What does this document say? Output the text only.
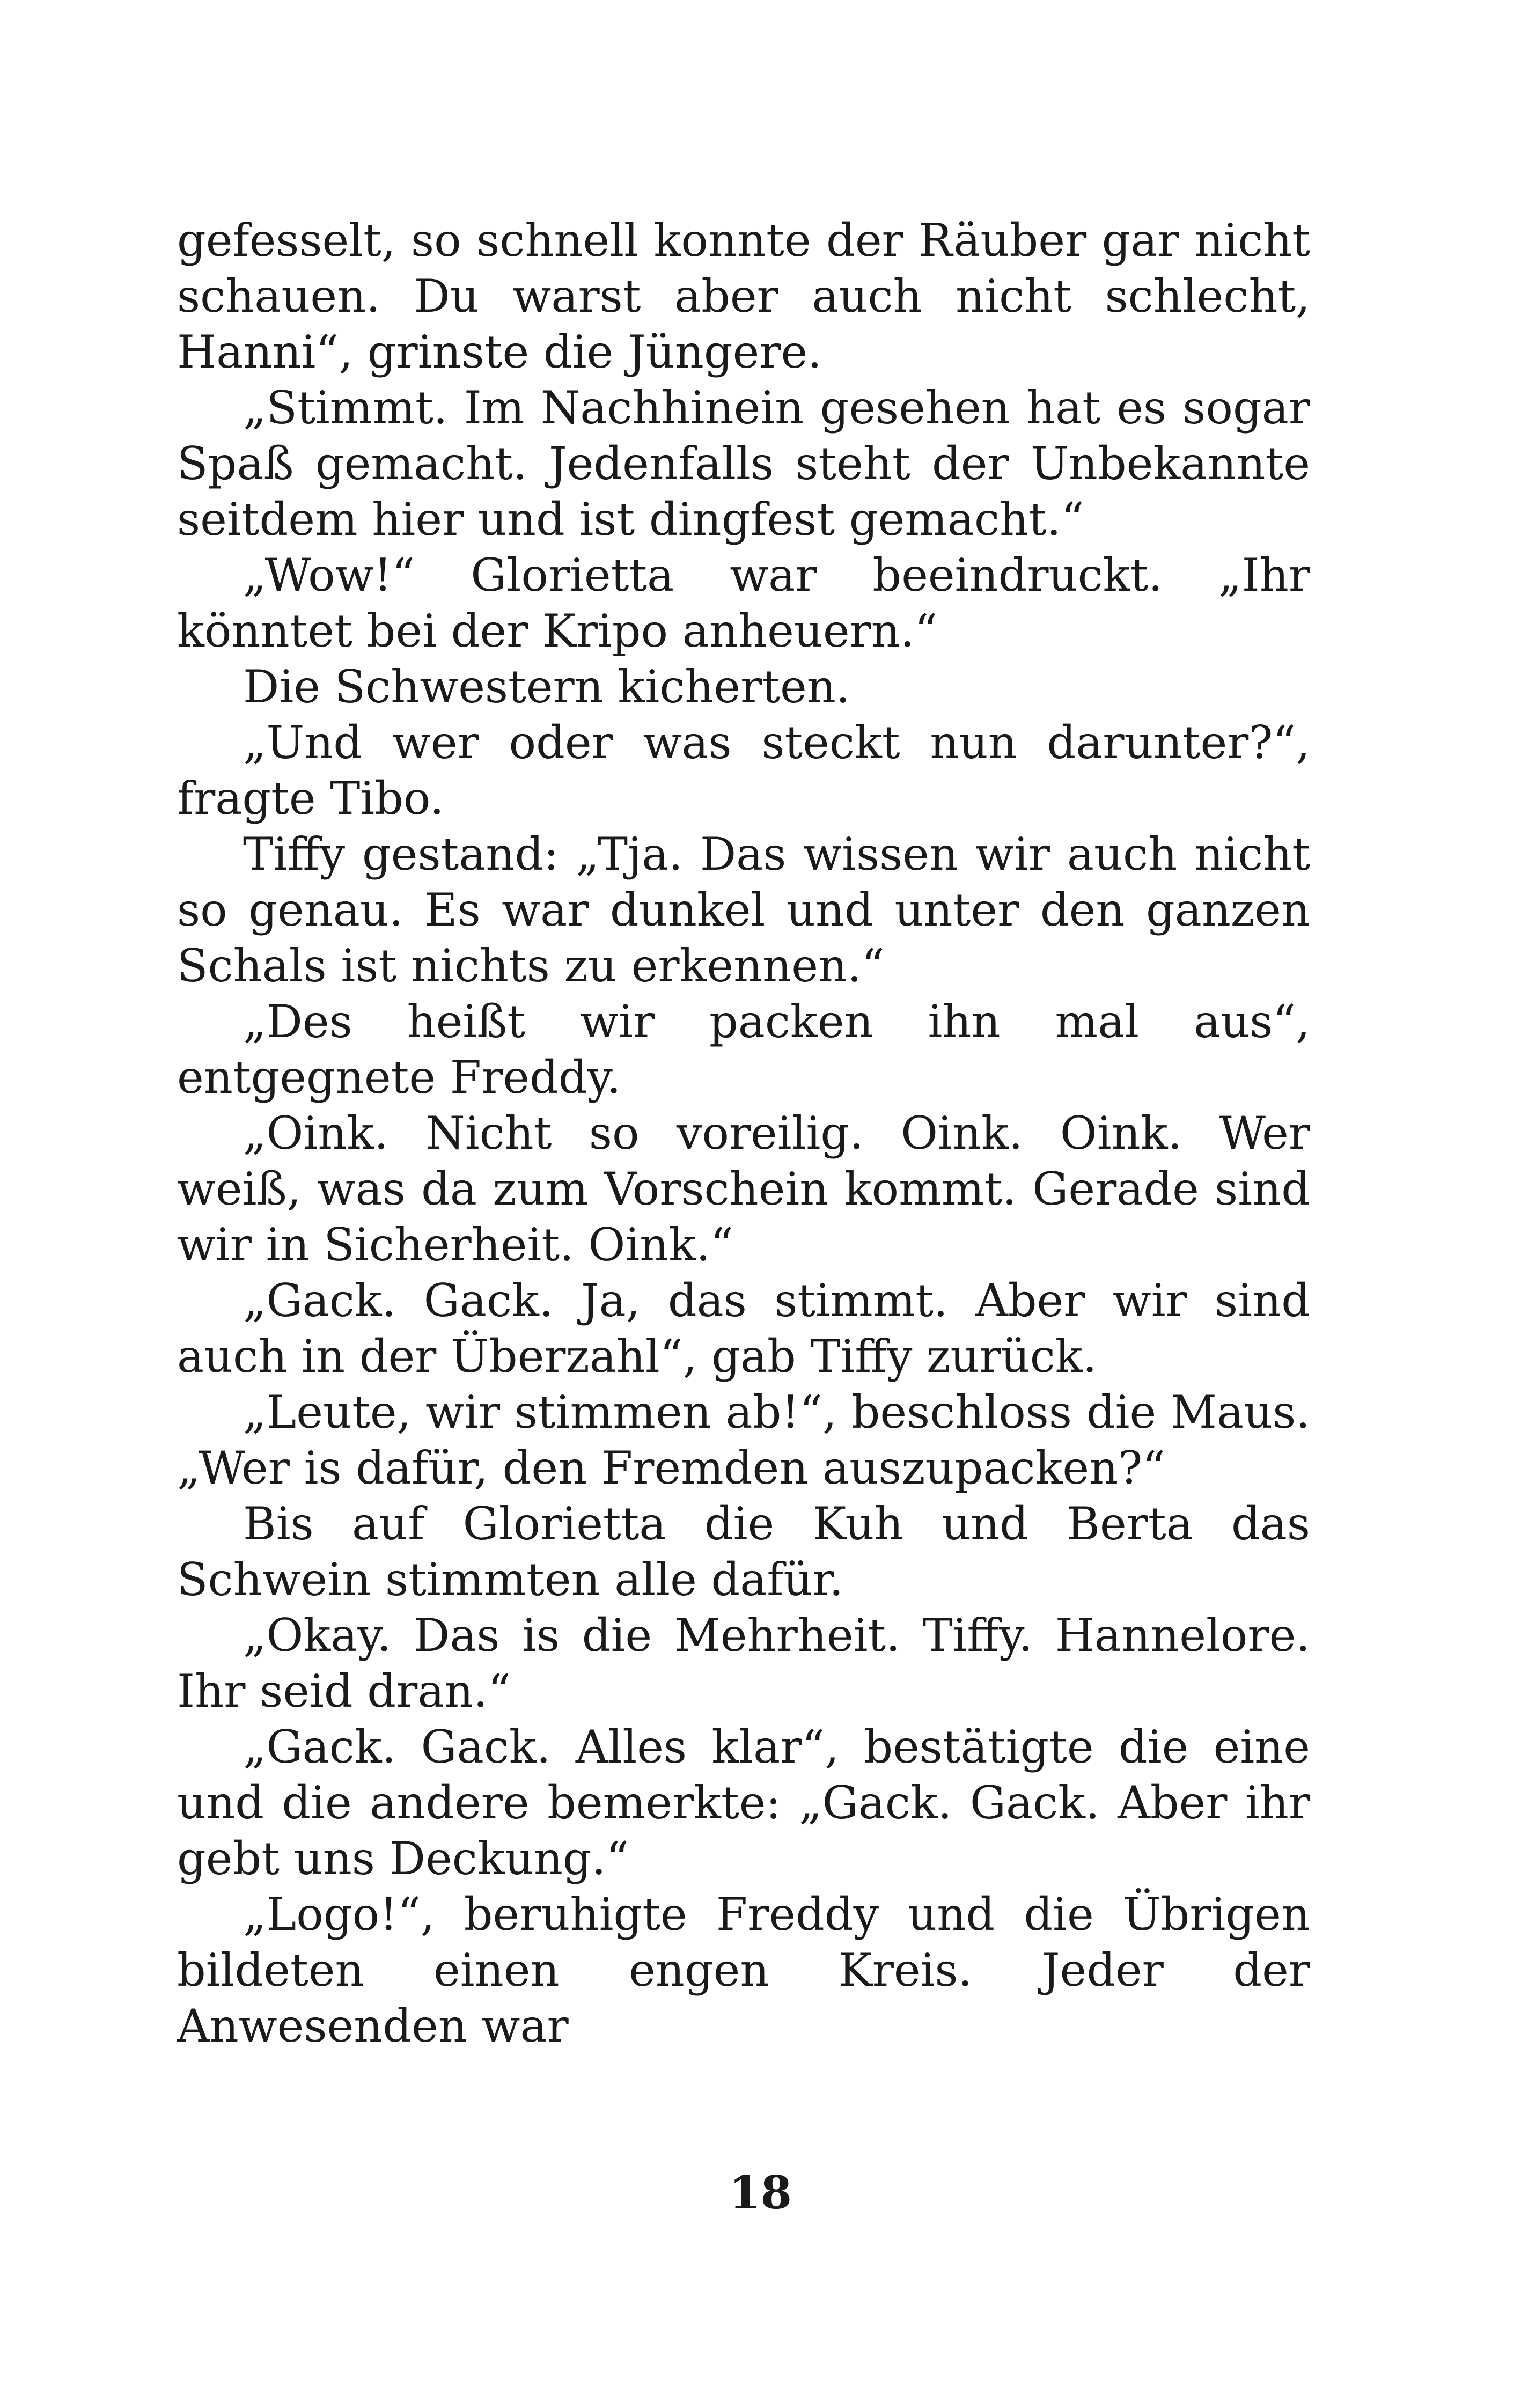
gefesselt, so schnell konnte der Räuber gar nicht schauen. Du warst aber auch nicht schlecht, Hanni“, grinste die Jüngere.

„Stimmt. Im Nachhinein gesehen hat es sogar Spaß gemacht. Jedenfalls steht der Unbekannte seitdem hier und ist dingfest gemacht.“

„Wow!“ Glorietta war beeindruckt. „Ihr könntet bei der Kripo anheuern.“

Die Schwestern kicherten.

„Und wer oder was steckt nun darunter?“, fragte Tibo.

Tiffy gestand: „Tja. Das wissen wir auch nicht so genau. Es war dunkel und unter den ganzen Schals ist nichts zu erkennen.“

„Des heißt wir packen ihn mal aus“, entgegnete Freddy.

„Oink. Nicht so voreilig. Oink. Oink. Wer weiß, was da zum Vorschein kommt. Gerade sind wir in Sicherheit. Oink.“

„Gack. Gack. Ja, das stimmt. Aber wir sind auch in der Überzahl“, gab Tiffy zurück.

„Leute, wir stimmen ab!“, beschloss die Maus. „Wer is dafür, den Fremden auszupacken?“

Bis auf Glorietta die Kuh und Berta das Schwein stimmten alle dafür.

„Okay. Das is die Mehrheit. Tiffy. Hannelore. Ihr seid dran.“

„Gack. Gack. Alles klar“, bestätigte die eine und die andere bemerkte: „Gack. Gack. Aber ihr gebt uns Deckung.“

„Logo!“, beruhigte Freddy und die Übrigen bildeten einen engen Kreis. Jeder der Anwesenden war

18
